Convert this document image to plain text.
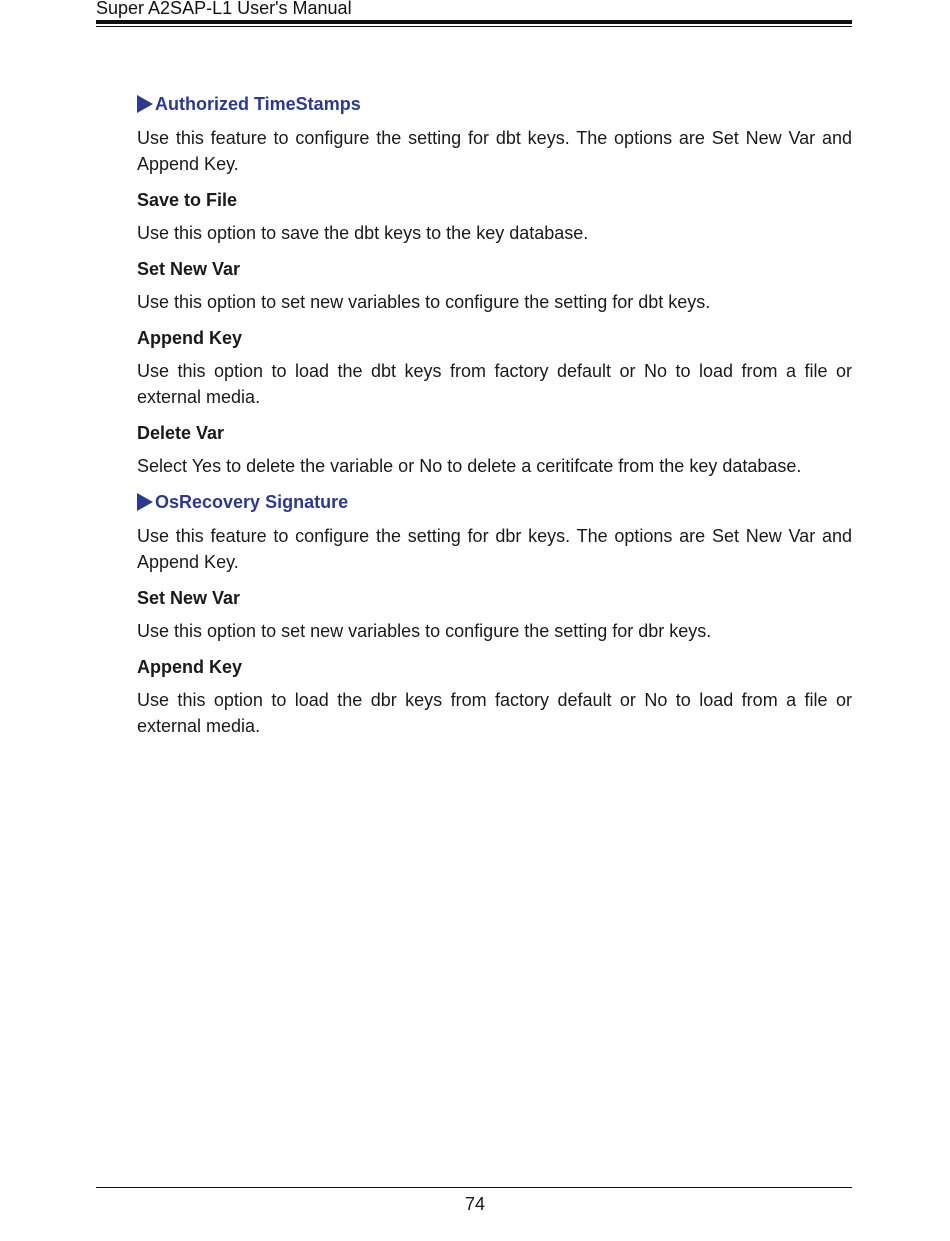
Super A2SAP-L1 User's Manual
Authorized TimeStamps

Use this feature to configure the setting for dbt keys. The options are Set New Var and Append Key.

Save to File

Use this option to save the dbt keys to the key database.

Set New Var

Use this option to set new variables to configure the setting for dbt keys.

Append Key

Use this option to load the dbt keys from factory default or No to load from a file or external media.

Delete Var

Select Yes to delete the variable or No to delete a ceritifcate from the key database.

OsRecovery Signature

Use this feature to configure the setting for dbr keys. The options are Set New Var and Append Key.

Set New Var

Use this option to set new variables to configure the setting for dbr keys.

Append Key

Use this option to load the dbr keys from factory default or No to load from a file or external media.

74
